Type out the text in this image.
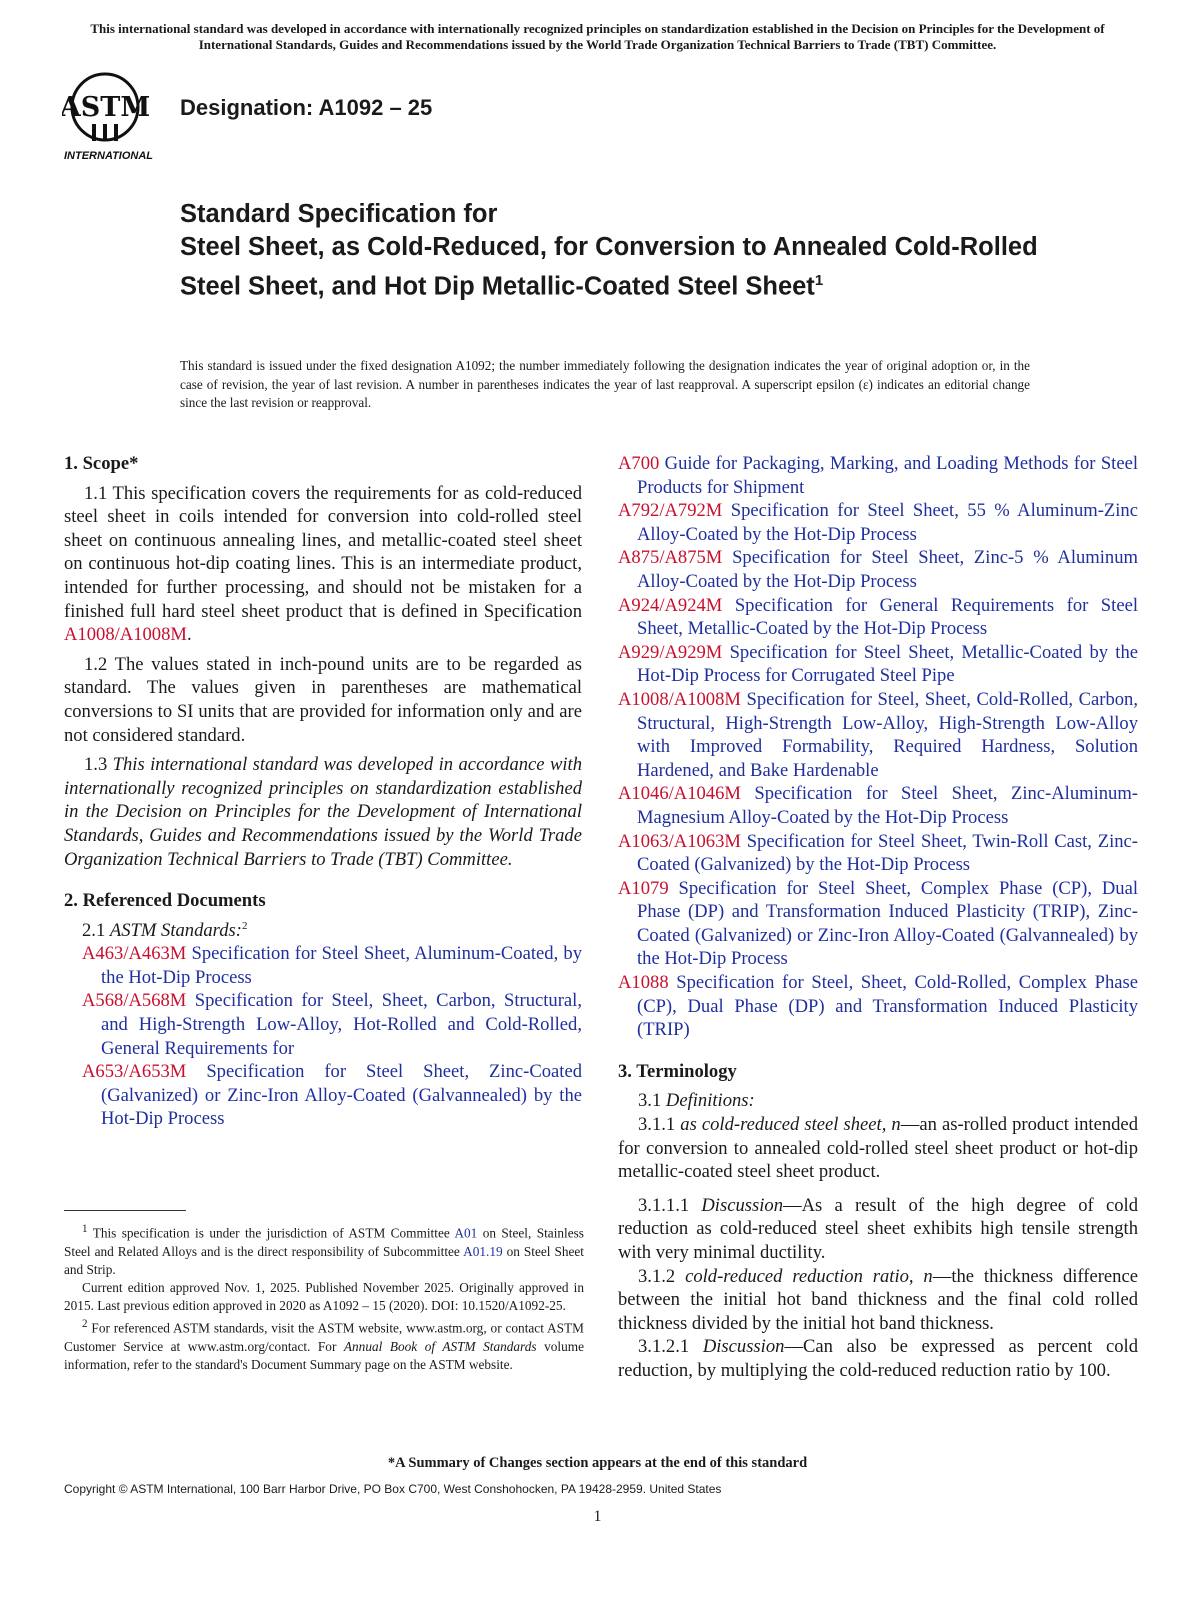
This international standard was developed in accordance with internationally recognized principles on standardization established in the Decision on Principles for the Development of International Standards, Guides and Recommendations issued by the World Trade Organization Technical Barriers to Trade (TBT) Committee.
ASTM
INTERNATIONAL
Designation: A1092 – 25
Standard Specification for
Steel Sheet, as Cold-Reduced, for Conversion to Annealed Cold-Rolled Steel Sheet, and Hot Dip Metallic-Coated Steel Sheet$^1$
This standard is issued under the fixed designation A1092; the number immediately following the designation indicates the year of original adoption or, in the case of revision, the year of last revision. A number in parentheses indicates the year of last reapproval. A superscript epsilon (ε) indicates an editorial change since the last revision or reapproval.
1. Scope*
1.1 This specification covers the requirements for as cold-reduced steel sheet in coils intended for conversion into cold-rolled steel sheet on continuous annealing lines, and metallic-coated steel sheet on continuous hot-dip coating lines. This is an intermediate product, intended for further processing, and should not be mistaken for a finished full hard steel sheet product that is defined in Specification A1008/A1008M.
1.2 The values stated in inch-pound units are to be regarded as standard. The values given in parentheses are mathematical conversions to SI units that are provided for information only and are not considered standard.
1.3 This international standard was developed in accordance with internationally recognized principles on standardization established in the Decision on Principles for the Development of International Standards, Guides and Recommendations issued by the World Trade Organization Technical Barriers to Trade (TBT) Committee.
2. Referenced Documents
2.1 ASTM Standards:$^2$
A463/A463M Specification for Steel Sheet, Aluminum-Coated, by the Hot-Dip Process
A568/A568M Specification for Steel, Sheet, Carbon, Structural, and High-Strength Low-Alloy, Hot-Rolled and Cold-Rolled, General Requirements for
A653/A653M Specification for Steel Sheet, Zinc-Coated (Galvanized) or Zinc-Iron Alloy-Coated (Galvannealed) by the Hot-Dip Process
A700 Guide for Packaging, Marking, and Loading Methods for Steel Products for Shipment
A792/A792M Specification for Steel Sheet, 55 % Aluminum-Zinc Alloy-Coated by the Hot-Dip Process
A875/A875M Specification for Steel Sheet, Zinc-5 % Aluminum Alloy-Coated by the Hot-Dip Process
A924/A924M Specification for General Requirements for Steel Sheet, Metallic-Coated by the Hot-Dip Process
A929/A929M Specification for Steel Sheet, Metallic-Coated by the Hot-Dip Process for Corrugated Steel Pipe
A1008/A1008M Specification for Steel, Sheet, Cold-Rolled, Carbon, Structural, High-Strength Low-Alloy, High-Strength Low-Alloy with Improved Formability, Required Hardness, Solution Hardened, and Bake Hardenable
A1046/A1046M Specification for Steel Sheet, Zinc-Aluminum-Magnesium Alloy-Coated by the Hot-Dip Process
A1063/A1063M Specification for Steel Sheet, Twin-Roll Cast, Zinc-Coated (Galvanized) by the Hot-Dip Process
A1079 Specification for Steel Sheet, Complex Phase (CP), Dual Phase (DP) and Transformation Induced Plasticity (TRIP), Zinc-Coated (Galvanized) or Zinc-Iron Alloy-Coated (Galvannealed) by the Hot-Dip Process
A1088 Specification for Steel, Sheet, Cold-Rolled, Complex Phase (CP), Dual Phase (DP) and Transformation Induced Plasticity (TRIP)
3. Terminology
3.1 Definitions:
3.1.1 as cold-reduced steel sheet, n—an as-rolled product intended for conversion to annealed cold-rolled steel sheet product or hot-dip metallic-coated steel sheet product.
3.1.1.1 Discussion—As a result of the high degree of cold reduction as cold-reduced steel sheet exhibits high tensile strength with very minimal ductility.
3.1.2 cold-reduced reduction ratio, n—the thickness difference between the initial hot band thickness and the final cold rolled thickness divided by the initial hot band thickness.
3.1.2.1 Discussion—Can also be expressed as percent cold reduction, by multiplying the cold-reduced reduction ratio by 100.

$^1$ This specification is under the jurisdiction of ASTM Committee A01 on Steel, Stainless Steel and Related Alloys and is the direct responsibility of Subcommittee A01.19 on Steel Sheet and Strip.

Current edition approved Nov. 1, 2025. Published November 2025. Originally approved in 2015. Last previous edition approved in 2020 as A1092 – 15 (2020). DOI: 10.1520/A1092-25.

$^2$ For referenced ASTM standards, visit the ASTM website, www.astm.org, or contact ASTM Customer Service at www.astm.org/contact. For Annual Book of ASTM Standards volume information, refer to the standard's Document Summary page on the ASTM website.

*A Summary of Changes section appears at the end of this standard
Copyright © ASTM International, 100 Barr Harbor Drive, PO Box C700, West Conshohocken, PA 19428-2959. United States
1
